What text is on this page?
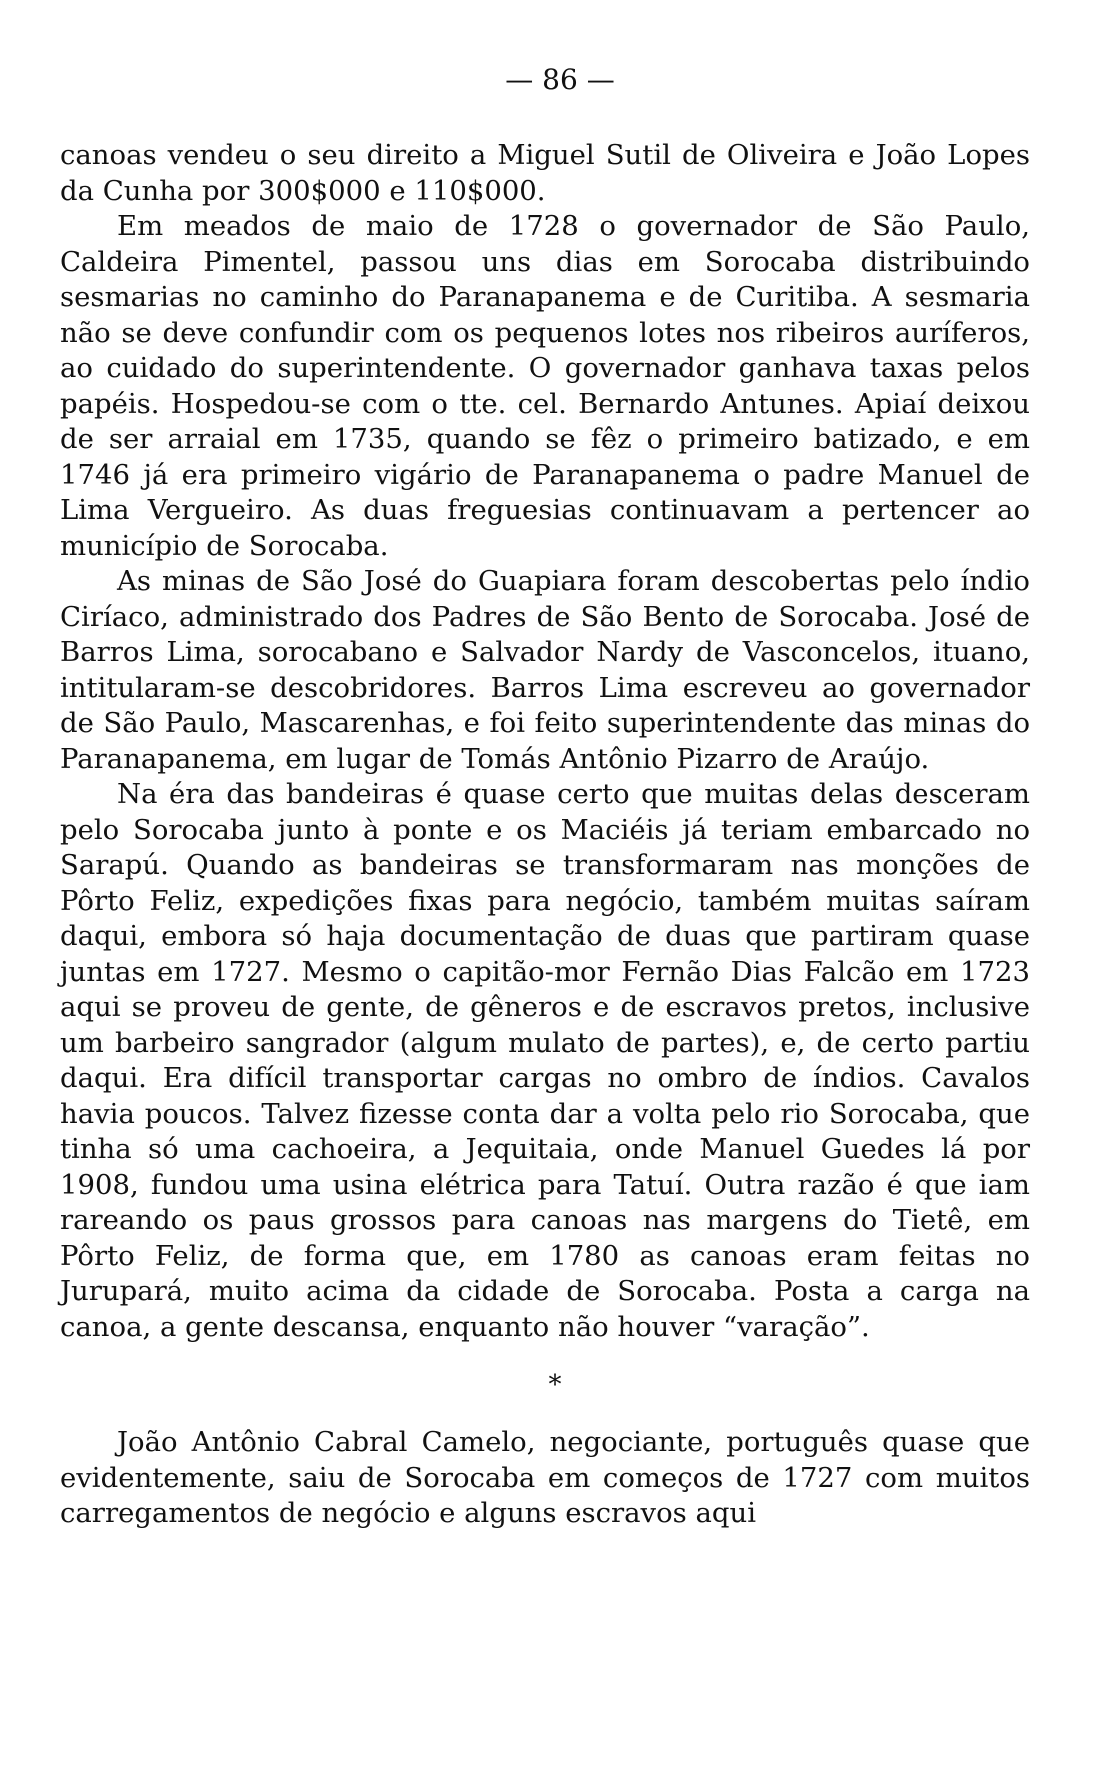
— 86 —

canoas vendeu o seu direito a Miguel Sutil de Oliveira e João Lopes da Cunha por 300$000 e 110$000.

Em meados de maio de 1728 o governador de São Paulo, Caldeira Pimentel, passou uns dias em Sorocaba distribuindo sesmarias no caminho do Paranapanema e de Curitiba. A sesmaria não se deve confundir com os pequenos lotes nos ribeiros auríferos, ao cuidado do superintendente. O governador ganhava taxas pelos papéis. Hospedou-se com o tte. cel. Bernardo Antunes. Apiaí deixou de ser arraial em 1735, quando se fêz o primeiro batizado, e em 1746 já era primeiro vigário de Paranapanema o padre Manuel de Lima Vergueiro. As duas freguesias continuavam a pertencer ao município de Sorocaba.

As minas de São José do Guapiara foram descobertas pelo índio Ciríaco, administrado dos Padres de São Bento de Sorocaba. José de Barros Lima, sorocabano e Salvador Nardy de Vasconcelos, ituano, intitularam-se descobridores. Barros Lima escreveu ao governador de São Paulo, Mascarenhas, e foi feito superintendente das minas do Paranapanema, em lugar de Tomás Antônio Pizarro de Araújo.

Na éra das bandeiras é quase certo que muitas delas desceram pelo Sorocaba junto à ponte e os Maciéis já teriam embarcado no Sarapú. Quando as bandeiras se transformaram nas monções de Pôrto Feliz, expedições fixas para negócio, também muitas saíram daqui, embora só haja documentação de duas que partiram quase juntas em 1727. Mesmo o capitão-mor Fernão Dias Falcão em 1723 aqui se proveu de gente, de gêneros e de escravos pretos, inclusive um barbeiro sangrador (algum mulato de partes), e, de certo partiu daqui. Era difícil transportar cargas no ombro de índios. Cavalos havia poucos. Talvez fizesse conta dar a volta pelo rio Sorocaba, que tinha só uma cachoeira, a Jequitaia, onde Manuel Guedes lá por 1908, fundou uma usina elétrica para Tatuí. Outra razão é que iam rareando os paus grossos para canoas nas margens do Tietê, em Pôrto Feliz, de forma que, em 1780 as canoas eram feitas no Jurupará, muito acima da cidade de Sorocaba. Posta a carga na canoa, a gente descansa, enquanto não houver “varação”.

*

João Antônio Cabral Camelo, negociante, português quase que evidentemente, saiu de Sorocaba em começos de 1727 com muitos carregamentos de negócio e alguns escravos aqui
